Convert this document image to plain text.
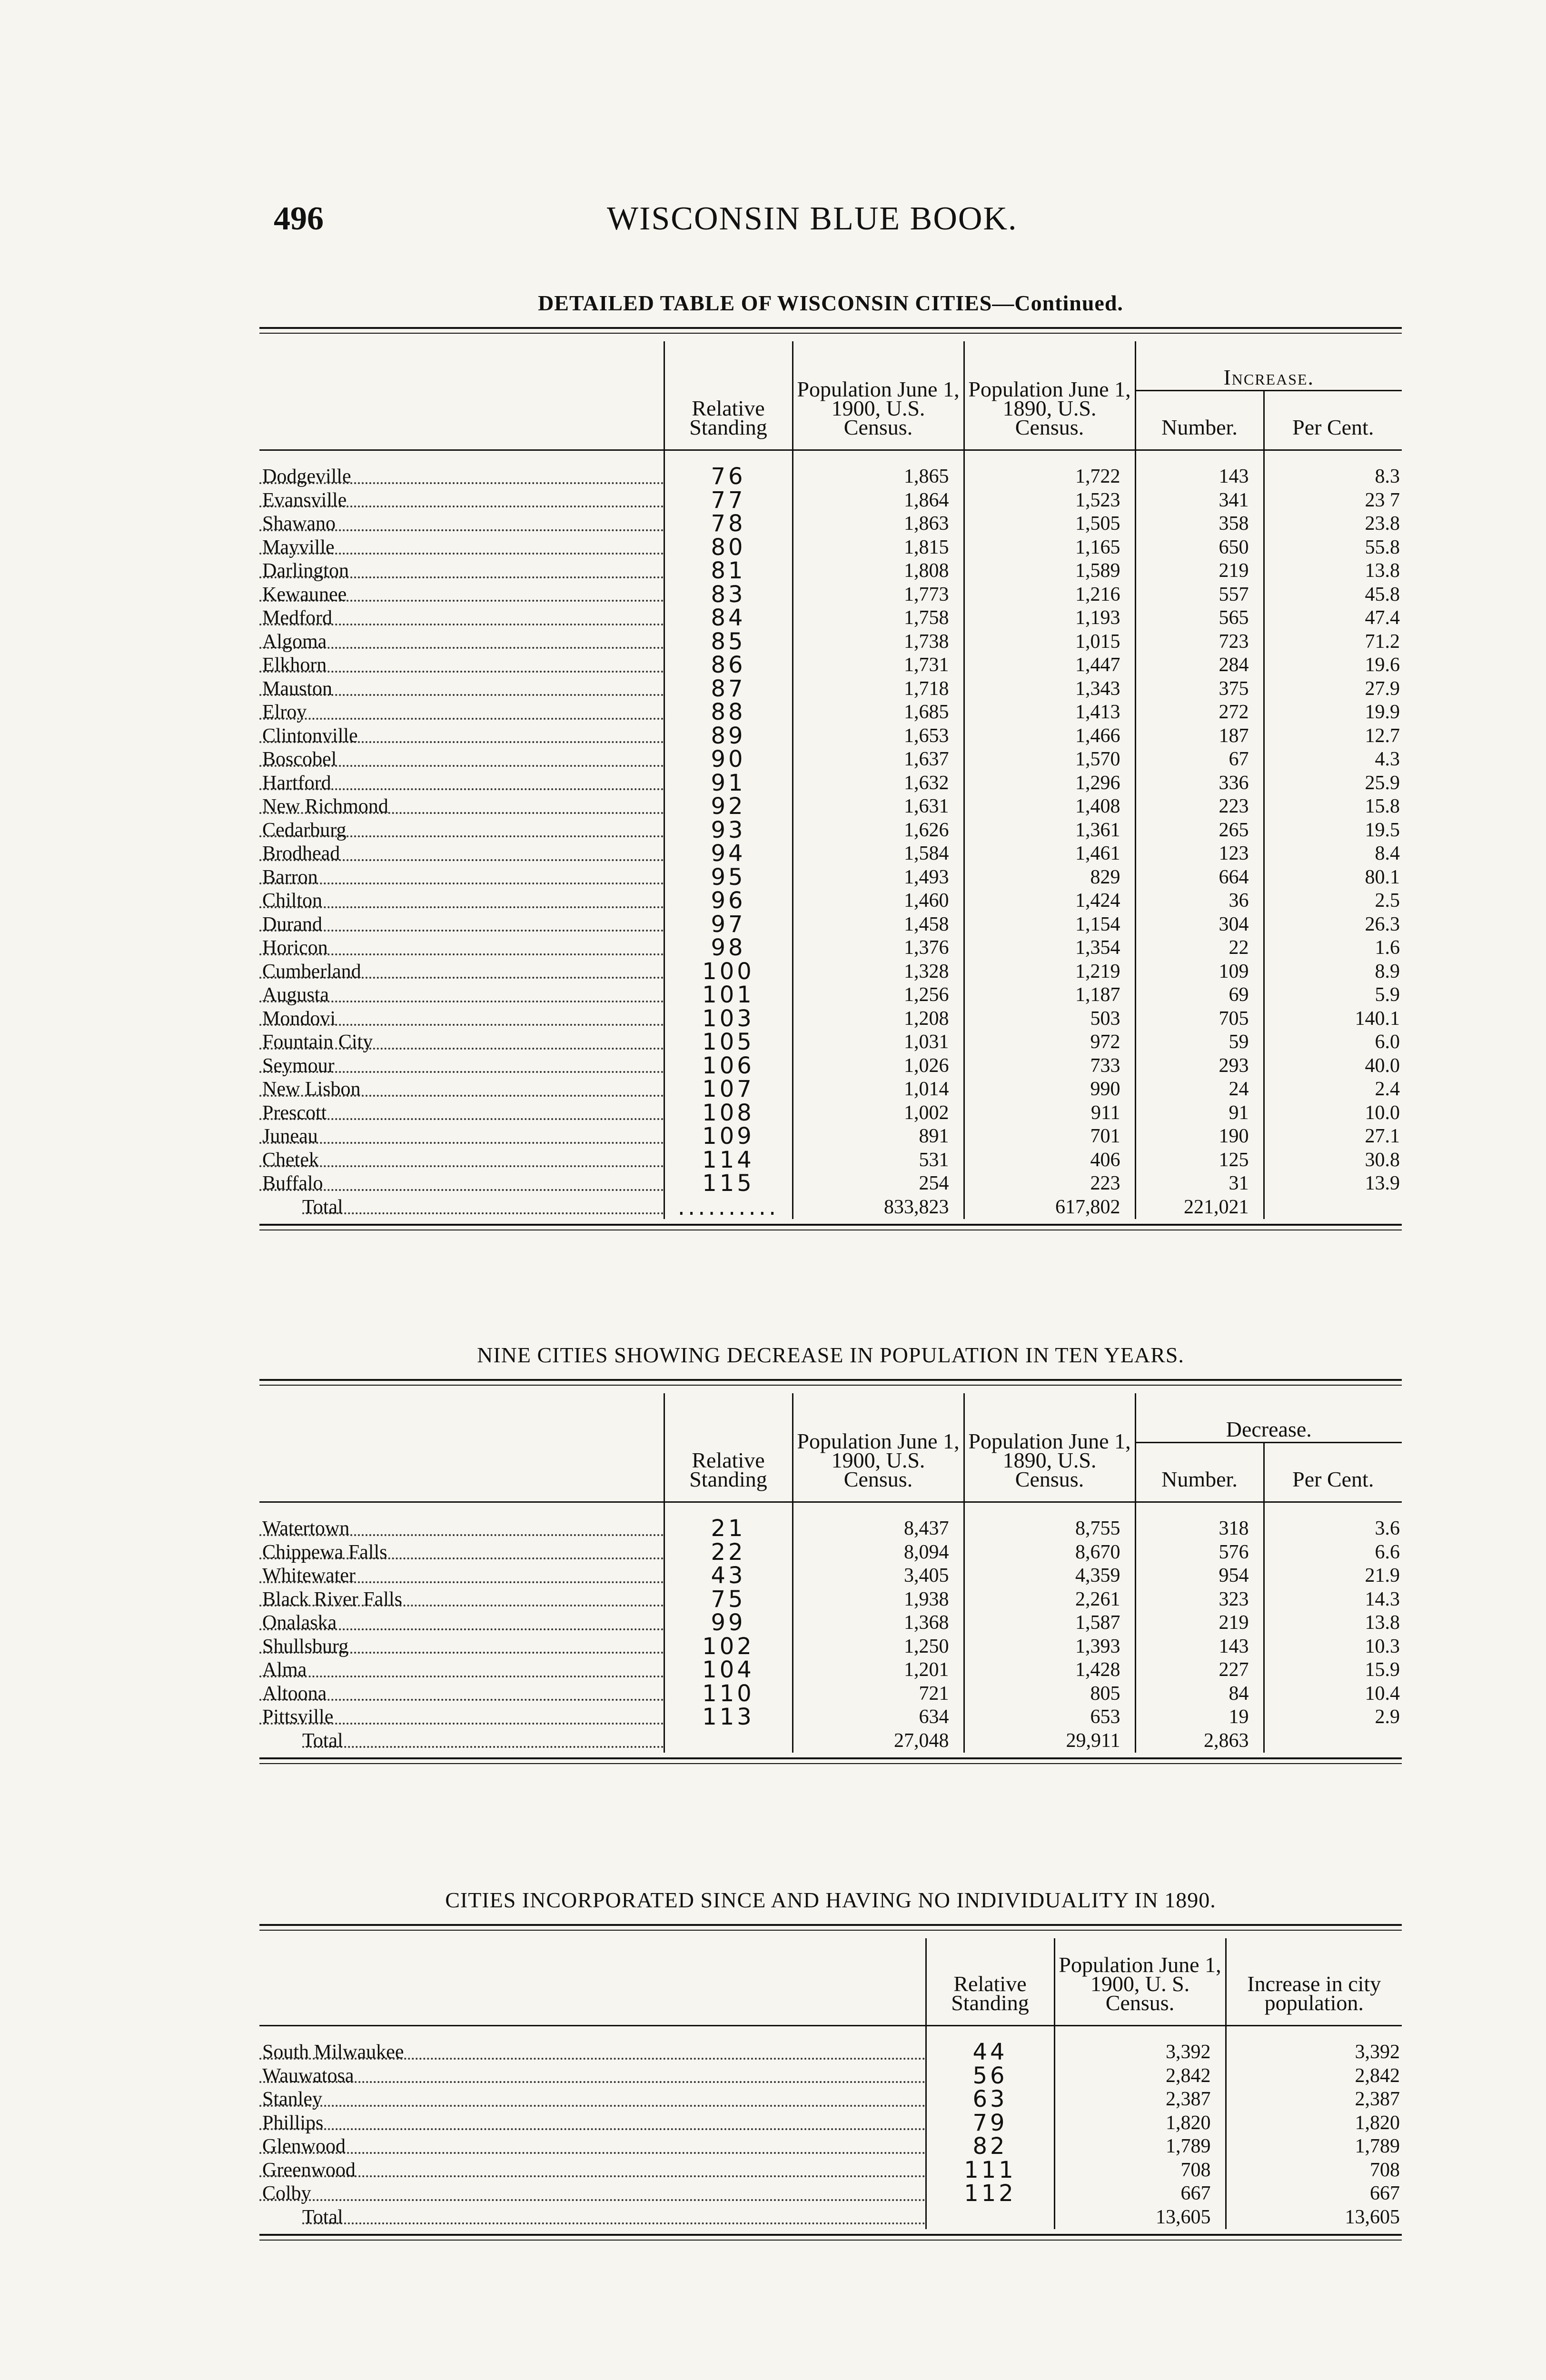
496	WISCONSIN BLUE BOOK.
DETAILED TABLE OF WISCONSIN CITIES—Continued.
	Relative Standing	Population June 1, 1900, U.S. Census.	Population June 1, 1890, U.S. Census.	Increase.	
				Number.	Per Cent.

Dodgeville	76	1,865	1,722	143	8.3

Evansville	77	1,864	1,523	341	23 7

Shawano	78	1,863	1,505	358	23.8

Mayville	80	1,815	1,165	650	55.8

Darlington	81	1,808	1,589	219	13.8

Kewaunee	83	1,773	1,216	557	45.8

Medford	84	1,758	1,193	565	47.4

Algoma	85	1,738	1,015	723	71.2

Elkhorn	86	1,731	1,447	284	19.6

Mauston	87	1,718	1,343	375	27.9

Elroy	88	1,685	1,413	272	19.9

Clintonville	89	1,653	1,466	187	12.7

Boscobel	90	1,637	1,570	67	4.3

Hartford	91	1,632	1,296	336	25.9

New Richmond	92	1,631	1,408	223	15.8

Cedarburg	93	1,626	1,361	265	19.5

Brodhead	94	1,584	1,461	123	8.4

Barron	95	1,493	829	664	80.1

Chilton	96	1,460	1,424	36	2.5

Durand	97	1,458	1,154	304	26.3

Horicon	98	1,376	1,354	22	1.6

Cumberland	100	1,328	1,219	109	8.9

Augusta	101	1,256	1,187	69	5.9

Mondovi	103	1,208	503	705	140.1

Fountain City	105	1,031	972	59	6.0

Seymour	106	1,026	733	293	40.0

New Lisbon	107	1,014	990	24	2.4

Prescott	108	1,002	911	91	10.0

Juneau	109	891	701	190	27.1

Chetek	114	531	406	125	30.8

Buffalo	115	254	223	31	13.9

Total	..........	833,823	617,802	221,021	
NINE CITIES SHOWING DECREASE IN POPULATION IN TEN YEARS.
	Relative Standing	Population June 1, 1900, U.S. Census.	Population June 1, 1890, U.S. Census.	Decrease.	
				Number.	Per Cent.

Watertown	21	8,437	8,755	318	3.6

Chippewa Falls	22	8,094	8,670	576	6.6

Whitewater	43	3,405	4,359	954	21.9

Black River Falls	75	1,938	2,261	323	14.3

Onalaska	99	1,368	1,587	219	13.8

Shullsburg	102	1,250	1,393	143	10.3

Alma	104	1,201	1,428	227	15.9

Altoona	110	721	805	84	10.4

Pittsville	113	634	653	19	2.9

Total		27,048	29,911	2,863	
CITIES INCORPORATED SINCE AND HAVING NO INDIVIDUALITY IN 1890.
	Relative Standing	Population June 1, 1900, U. S. Census.	Increase in city population.

South Milwaukee	44	3,392	3,392

Wauwatosa	56	2,842	2,842

Stanley	63	2,387	2,387

Phillips	79	1,820	1,820

Glenwood	82	1,789	1,789

Greenwood	111	708	708

Colby	112	667	667

Total		13,605	13,605
